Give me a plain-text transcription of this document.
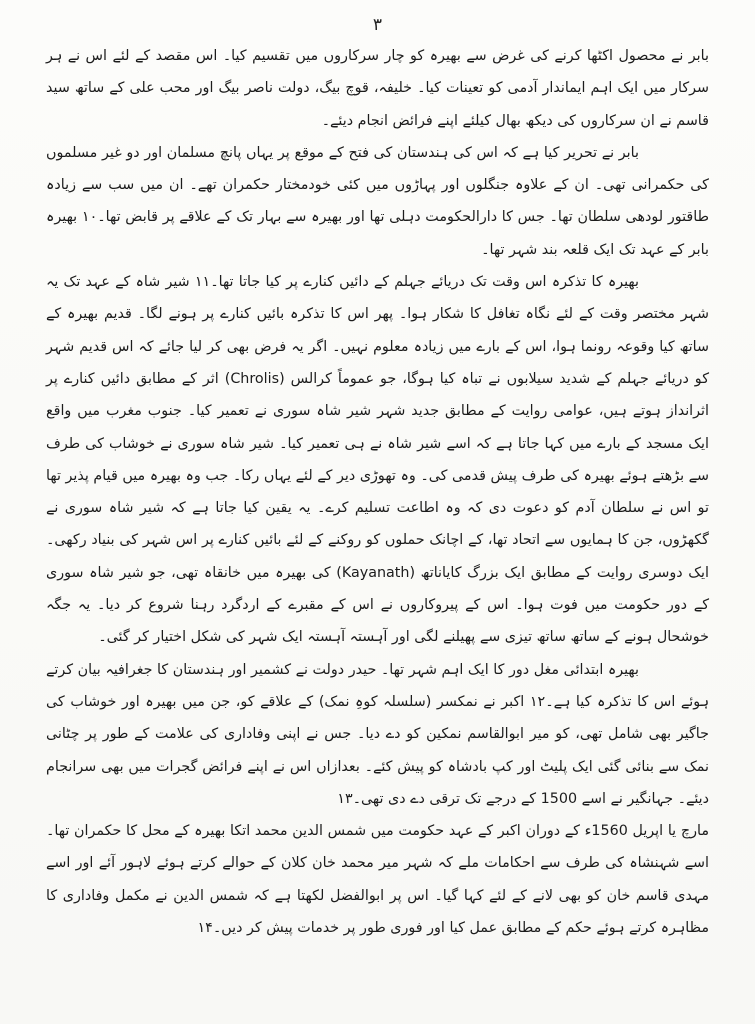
۳

بابر نے محصول اکٹھا کرنے کی غرض سے بھیرہ کو چار سرکاروں میں تقسیم کیا۔ اس مقصد کے لئے اس نے ہر سرکار میں ایک اہم ایماندار آدمی کو تعینات کیا۔ خلیفہ، قوچ بیگ، دولت ناصر بیگ اور محب علی کے ساتھ سید قاسم نے ان سرکاروں کی دیکھ بھال کیلئے اپنے فرائض انجام دیئے۔

بابر نے تحریر کیا ہے کہ اس کی ہندستان کی فتح کے موقع پر یہاں پانچ مسلمان اور دو غیر مسلموں کی حکمرانی تھی۔ ان کے علاوہ جنگلوں اور پہاڑوں میں کئی خودمختار حکمران تھے۔ ان میں سب سے زیادہ طاقتور لودھی سلطان تھا۔ جس کا دارالحکومت دہلی تھا اور بھیرہ سے بہار تک کے علاقے پر قابض تھا۔۱۰ بھیرہ بابر کے عہد تک ایک قلعہ بند شہر تھا۔

بھیرہ کا تذکرہ اس وقت تک دریائے جہلم کے دائیں کنارے پر کیا جاتا تھا۔۱۱ شیر شاہ کے عہد تک یہ شہر مختصر وقت کے لئے نگاہ تغافل کا شکار ہوا۔ پھر اس کا تذکرہ بائیں کنارے پر ہونے لگا۔ قدیم بھیرہ کے ساتھ کیا وقوعہ رونما ہوا، اس کے بارے میں زیادہ معلوم نہیں۔ اگر یہ فرض بھی کر لیا جائے کہ اس قدیم شہر کو دریائے جہلم کے شدید سیلابوں نے تباہ کیا ہوگا، جو عموماً کرالس (Chrolis) اثر کے مطابق دائیں کنارے پر اثرانداز ہوتے ہیں، عوامی روایت کے مطابق جدید شہر شیر شاہ سوری نے تعمیر کیا۔ جنوب مغرب میں واقع ایک مسجد کے بارے میں کہا جاتا ہے کہ اسے شیر شاہ نے ہی تعمیر کیا۔ شیر شاہ سوری نے خوشاب کی طرف سے بڑھتے ہوئے بھیرہ کی طرف پیش قدمی کی۔ وہ تھوڑی دیر کے لئے یہاں رکا۔ جب وہ بھیرہ میں قیام پذیر تھا تو اس نے سلطان آدم کو دعوت دی کہ وہ اطاعت تسلیم کرے۔ یہ یقین کیا جاتا ہے کہ شیر شاہ سوری نے گکھڑوں، جن کا ہمایوں سے اتحاد تھا، کے اچانک حملوں کو روکنے کے لئے بائیں کنارے پر اس شہر کی بنیاد رکھی۔ ایک دوسری روایت کے مطابق ایک بزرگ کایاناتھ (Kayanath) کی بھیرہ میں خانقاہ تھی، جو شیر شاہ سوری کے دور حکومت میں فوت ہوا۔ اس کے پیروکاروں نے اس کے مقبرے کے اردگرد رہنا شروع کر دیا۔ یہ جگہ خوشحال ہونے کے ساتھ ساتھ تیزی سے پھیلنے لگی اور آہستہ آہستہ ایک شہر کی شکل اختیار کر گئی۔

بھیرہ ابتدائی مغل دور کا ایک اہم شہر تھا۔ حیدر دولت نے کشمیر اور ہندستان کا جغرافیہ بیان کرتے ہوئے اس کا تذکرہ کیا ہے۔۱۲ اکبر نے نمکسر (سلسلہ کوہِ نمک) کے علاقے کو، جن میں بھیرہ اور خوشاب کی جاگیر بھی شامل تھی، کو میر ابوالقاسم نمکین کو دے دیا۔ جس نے اپنی وفاداری کی علامت کے طور پر چٹانی نمک سے بنائی گئی ایک پلیٹ اور کپ بادشاہ کو پیش کئے۔ بعدازاں اس نے اپنے فرائض گجرات میں بھی سرانجام دیئے۔ جہانگیر نے اسے 1500 کے درجے تک ترقی دے دی تھی۔۱۳

مارچ یا اپریل 1560ء کے دوران اکبر کے عہد حکومت میں شمس الدین محمد اتکا بھیرہ کے محل کا حکمران تھا۔ اسے شہنشاہ کی طرف سے احکامات ملے کہ شہر میر محمد خان کلان کے حوالے کرتے ہوئے لاہور آئے اور اسے مہدی قاسم خان کو بھی لانے کے لئے کہا گیا۔ اس پر ابوالفضل لکھتا ہے کہ شمس الدین نے مکمل وفاداری کا مظاہرہ کرتے ہوئے حکم کے مطابق عمل کیا اور فوری طور پر خدمات پیش کر دیں۔۱۴
